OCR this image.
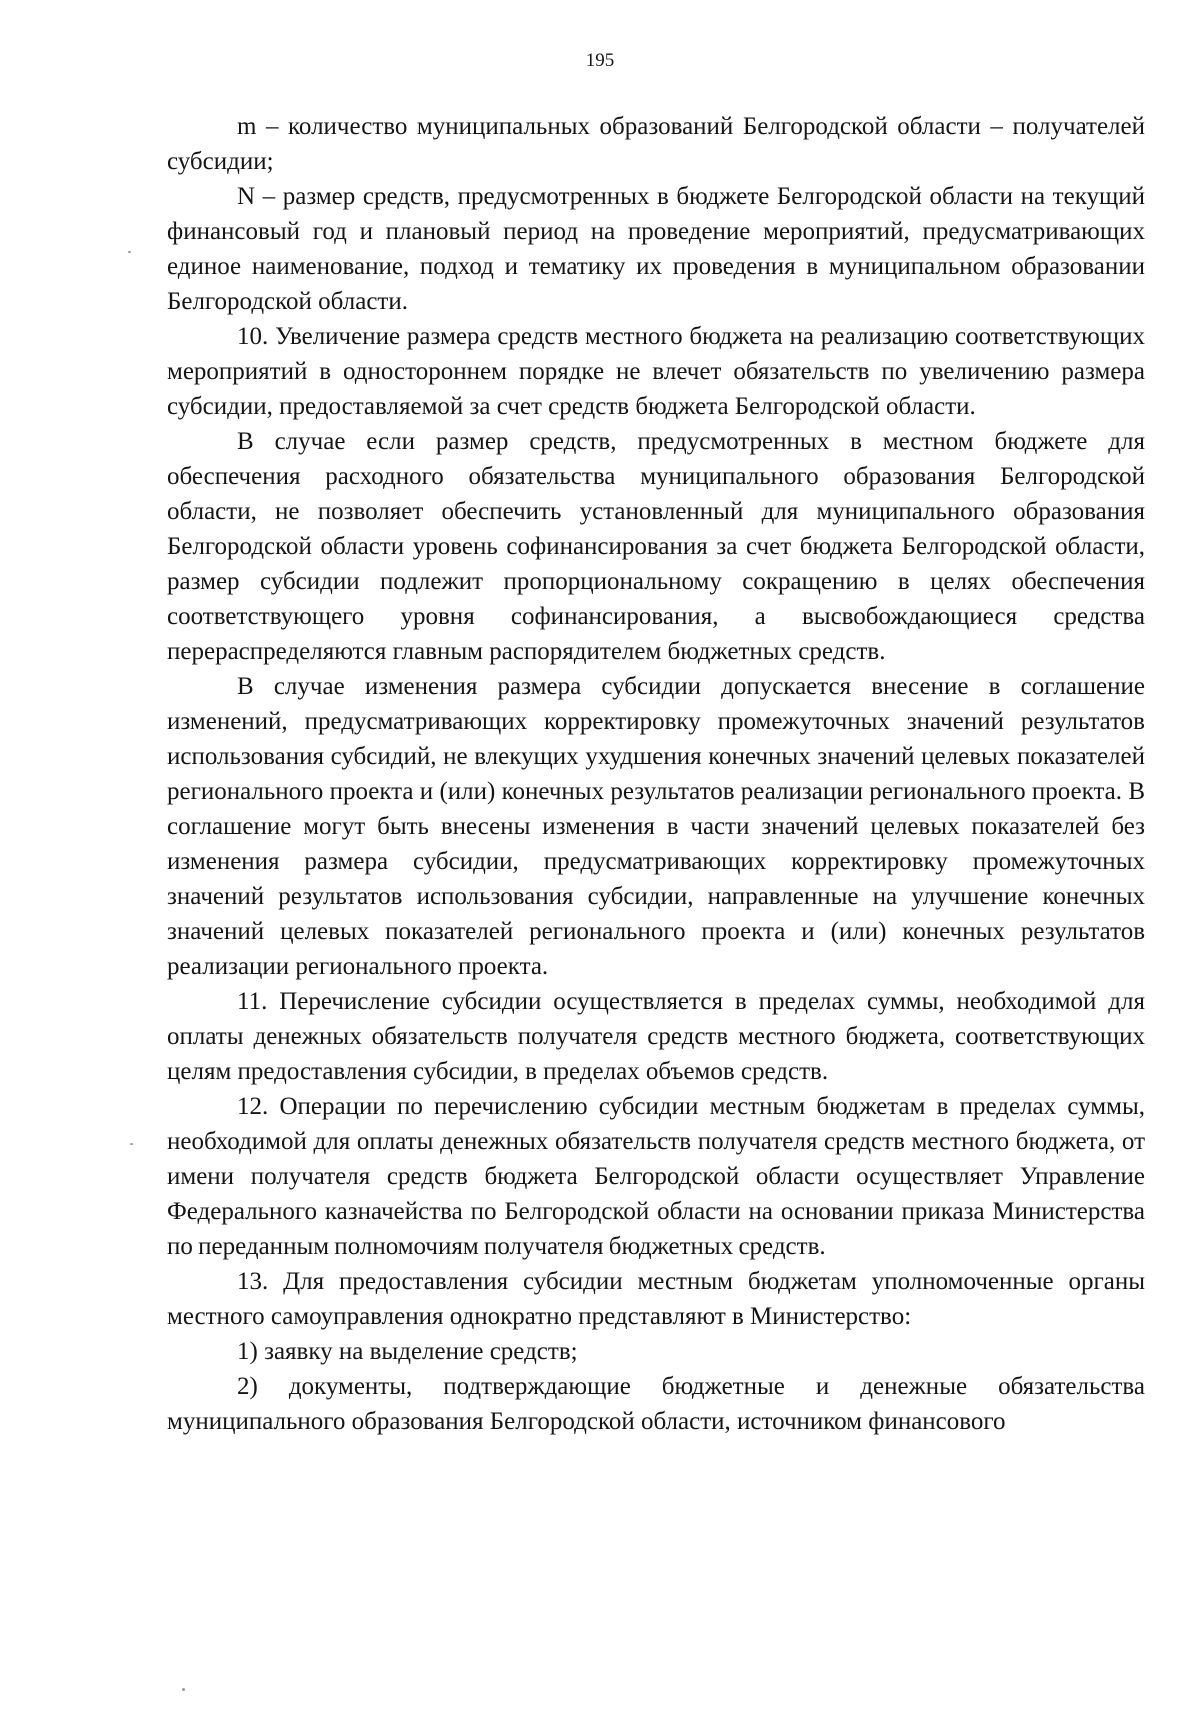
195

m – количество муниципальных образований Белгородской области – получателей субсидии;

N – размер средств, предусмотренных в бюджете Белгородской области на текущий финансовый год и плановый период на проведение мероприятий, предусматривающих единое наименование, подход и тематику их проведения в муниципальном образовании Белгородской области.

10. Увеличение размера средств местного бюджета на реализацию соответствующих мероприятий в одностороннем порядке не влечет обязательств по увеличению размера субсидии, предоставляемой за счет средств бюджета Белгородской области.

В случае если размер средств, предусмотренных в местном бюджете для обеспечения расходного обязательства муниципального образования Белгородской области, не позволяет обеспечить установленный для муниципального образования Белгородской области уровень софинансирования за счет бюджета Белгородской области, размер субсидии подлежит пропорциональному сокращению в целях обеспечения соответствующего уровня софинансирования, а высвобождающиеся средства перераспределяются главным распорядителем бюджетных средств.

В случае изменения размера субсидии допускается внесение в соглашение изменений, предусматривающих корректировку промежуточных значений результатов использования субсидий, не влекущих ухудшения конечных значений целевых показателей регионального проекта и (или) конечных результатов реализации регионального проекта. В соглашение могут быть внесены изменения в части значений целевых показателей без изменения размера субсидии, предусматривающих корректировку промежуточных значений результатов использования субсидии, направленные на улучшение конечных значений целевых показателей регионального проекта и (или) конечных результатов реализации регионального проекта.

11. Перечисление субсидии осуществляется в пределах суммы, необходимой для оплаты денежных обязательств получателя средств местного бюджета, соответствующих целям предоставления субсидии, в пределах объемов средств.

12. Операции по перечислению субсидии местным бюджетам в пределах суммы, необходимой для оплаты денежных обязательств получателя средств местного бюджета, от имени получателя средств бюджета Белгородской области осуществляет Управление Федерального казначейства по Белгородской области на основании приказа Министерства по переданным полномочиям получателя бюджетных средств.

13. Для предоставления субсидии местным бюджетам уполномоченные органы местного самоуправления однократно представляют в Министерство:

1) заявку на выделение средств;

2) документы, подтверждающие бюджетные и денежные обязательства муниципального образования Белгородской области, источником финансового
